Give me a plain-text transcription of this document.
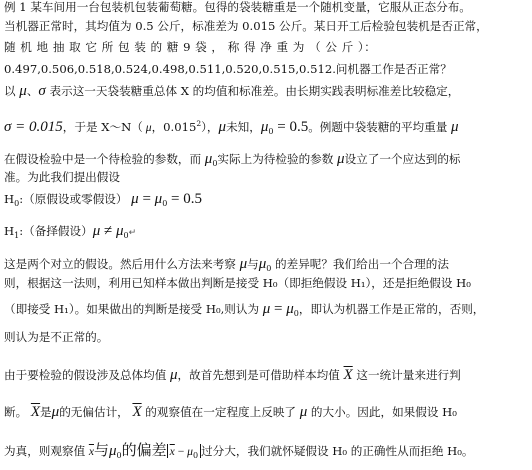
例 1 某车间用一台包装机包装葡萄糖。包得的袋装糖重是一个随机变量，它服从正态分布。
当机器正常时，其均值为 0.5 公斤，标准差为 0.015 公斤。某日开工后检验包装机是否正常，
随 机 地 抽 取 它 所 包 装 的 糖 9 袋 ， 称 得 净 重 为 （ 公 斤 ）：
0.497,0.506,0.518,0.524,0.498,0.511,0.520,0.515,0.512.问机器工作是否正常？
以 μ、σ 表示这一天袋装糖重总体 X 的均值和标准差。由长期实践表明标准差比较稳定，
σ = 0.015，于是 X～N（ μ，0.015$^2$），μ未知，$\mu_0 = 0.5$。例题中袋装糖的平均重量 μ
在假设检验中是一个待检验的参数，而 $\mu_0$实际上为待检验的参数 μ设立了一个应达到的标
准。为此我们提出假设
$H_0$:（原假设或零假设） $\mu = \mu_0 = 0.5$
$H_1$:（备择假设）$\mu \ne \mu_0↵$
这是两个对立的假设。然后用什么方法来考察 μ与$\mu_0$ 的差异呢？我们给出一个合理的法
则，根据这一法则，利用已知样本做出判断是接受 H₀（即拒绝假设 H₁），还是拒绝假设 H₀
（即接受 H₁）。如果做出的判断是接受 H₀,则认为 $\mu = \mu_0$，即认为机器工作是正常的，否则，
则认为是不正常的。
由于要检验的假设涉及总体均值 μ，故首先想到是可借助样本均值 $\overline{X}$ 这一统计量来进行判
断。 $\overline{X}$是μ的无偏估计， $\overline{X}$ 的观察值在一定程度上反映了 μ 的大小。因此，如果假设 H₀
为真，则观察值 $\overline{x}$与$\mu_0$的偏差 $\overline{x} - \mu_0$ 过分大，我们就怀疑假设 H₀ 的正确性从而拒绝 H₀。
